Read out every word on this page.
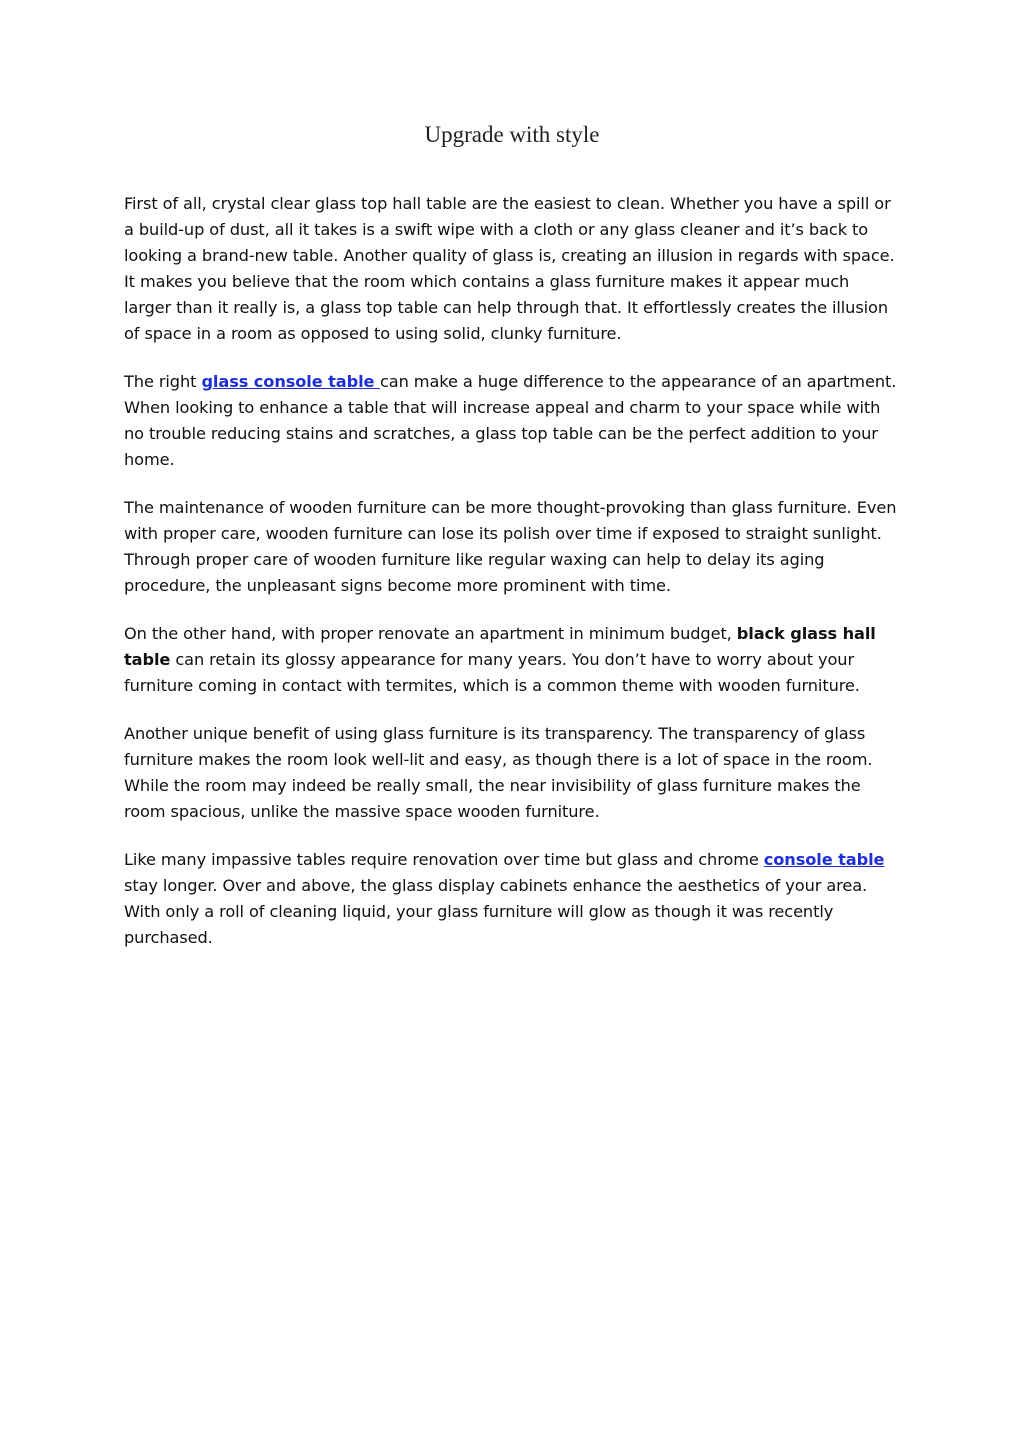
Upgrade with style

First of all, crystal clear glass top hall table are the easiest to clean. Whether you have a spill or a build-up of dust, all it takes is a swift wipe with a cloth or any glass cleaner and it’s back to looking a brand-new table. Another quality of glass is, creating an illusion in regards with space. It makes you believe that the room which contains a glass furniture makes it appear much larger than it really is, a glass top table can help through that. It effortlessly creates the illusion of space in a room as opposed to using solid, clunky furniture.

The right glass console table can make a huge difference to the appearance of an apartment. When looking to enhance a table that will increase appeal and charm to your space while with no trouble reducing stains and scratches, a glass top table can be the perfect addition to your home.

The maintenance of wooden furniture can be more thought-provoking than glass furniture. Even with proper care, wooden furniture can lose its polish over time if exposed to straight sunlight. Through proper care of wooden furniture like regular waxing can help to delay its aging procedure, the unpleasant signs become more prominent with time.

On the other hand, with proper renovate an apartment in minimum budget, black glass hall table can retain its glossy appearance for many years. You don’t have to worry about your furniture coming in contact with termites, which is a common theme with wooden furniture.

Another unique benefit of using glass furniture is its transparency. The transparency of glass furniture makes the room look well-lit and easy, as though there is a lot of space in the room. While the room may indeed be really small, the near invisibility of glass furniture makes the room spacious, unlike the massive space wooden furniture.

Like many impassive tables require renovation over time but glass and chrome console table stay longer. Over and above, the glass display cabinets enhance the aesthetics of your area. With only a roll of cleaning liquid, your glass furniture will glow as though it was recently purchased.
